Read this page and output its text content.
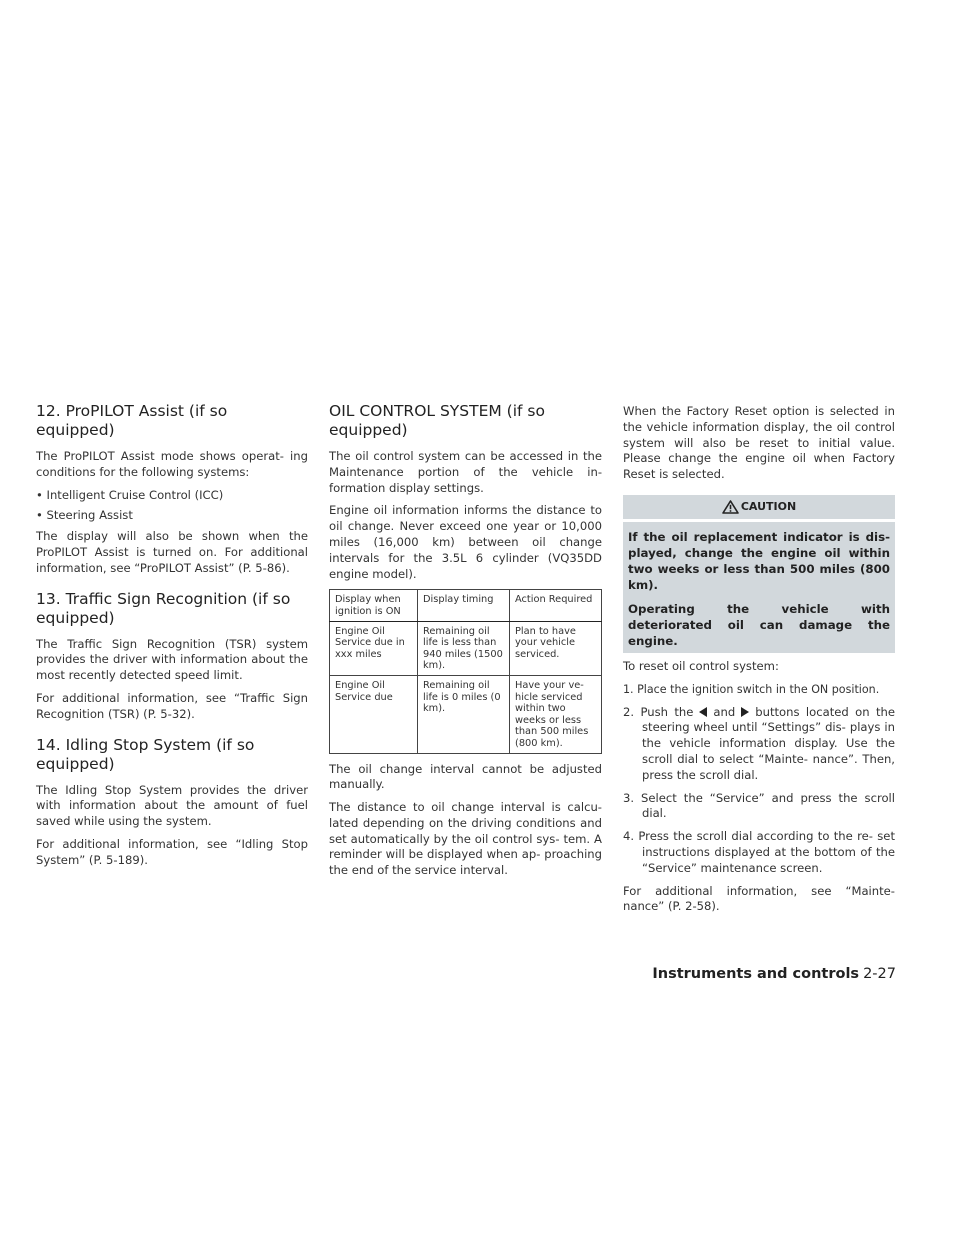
12. ProPILOT Assist (if so equipped)

The ProPILOT Assist mode shows operat- ing conditions for the following systems:

• Intelligent Cruise Control (ICC)
• Steering Assist

The display will also be shown when the ProPILOT Assist is turned on. For additional information, see “ProPILOT Assist” (P. 5-86).

13. Traffic Sign Recognition (if so equipped)

The Traffic Sign Recognition (TSR) system provides the driver with information about the most recently detected speed limit.

For additional information, see “Traffic Sign Recognition (TSR) (P. 5-32).

14. Idling Stop System (if so equipped)

The Idling Stop System provides the driver with information about the amount of fuel saved while using the system.

For additional information, see “Idling Stop System” (P. 5-189).

OIL CONTROL SYSTEM (if so equipped)

The oil control system can be accessed in the Maintenance portion of the vehicle in- formation display settings.

Engine oil information informs the distance to oil change. Never exceed one year or 10,000 miles (16,000 km) between oil change intervals for the 3.5L 6 cylinder (VQ35DD engine model).

Display when ignition is ON	Display timing	Action Required
Engine Oil Service due in xxx miles	Remaining oil life is less than 940 miles (1500 km).	Plan to have your vehicle serviced.
Engine Oil Service due	Remaining oil life is 0 miles (0 km).	Have your ve- hicle serviced within two weeks or less than 500 miles (800 km).

The oil change interval cannot be adjusted manually.

The distance to oil change interval is calcu- lated depending on the driving conditions and set automatically by the oil control sys- tem. A reminder will be displayed when ap- proaching the end of the service interval.

When the Factory Reset option is selected in the vehicle information display, the oil control system will also be reset to initial value. Please change the engine oil when Factory Reset is selected.

CAUTION

If the oil replacement indicator is dis- played, change the engine oil within two weeks or less than 500 miles (800 km).

Operating the vehicle with deteriorated oil can damage the engine.

To reset oil control system:

1. Place the ignition switch in the ON position.

2. Push the and buttons located on the steering wheel until “Settings” dis- plays in the vehicle information display. Use the scroll dial to select “Mainte- nance”. Then, press the scroll dial.

3. Select the “Service” and press the scroll dial.

4. Press the scroll dial according to the re- set instructions displayed at the bottom of the “Service” maintenance screen.

For additional information, see “Mainte- nance” (P. 2-58).

Instruments and controls 2-27
